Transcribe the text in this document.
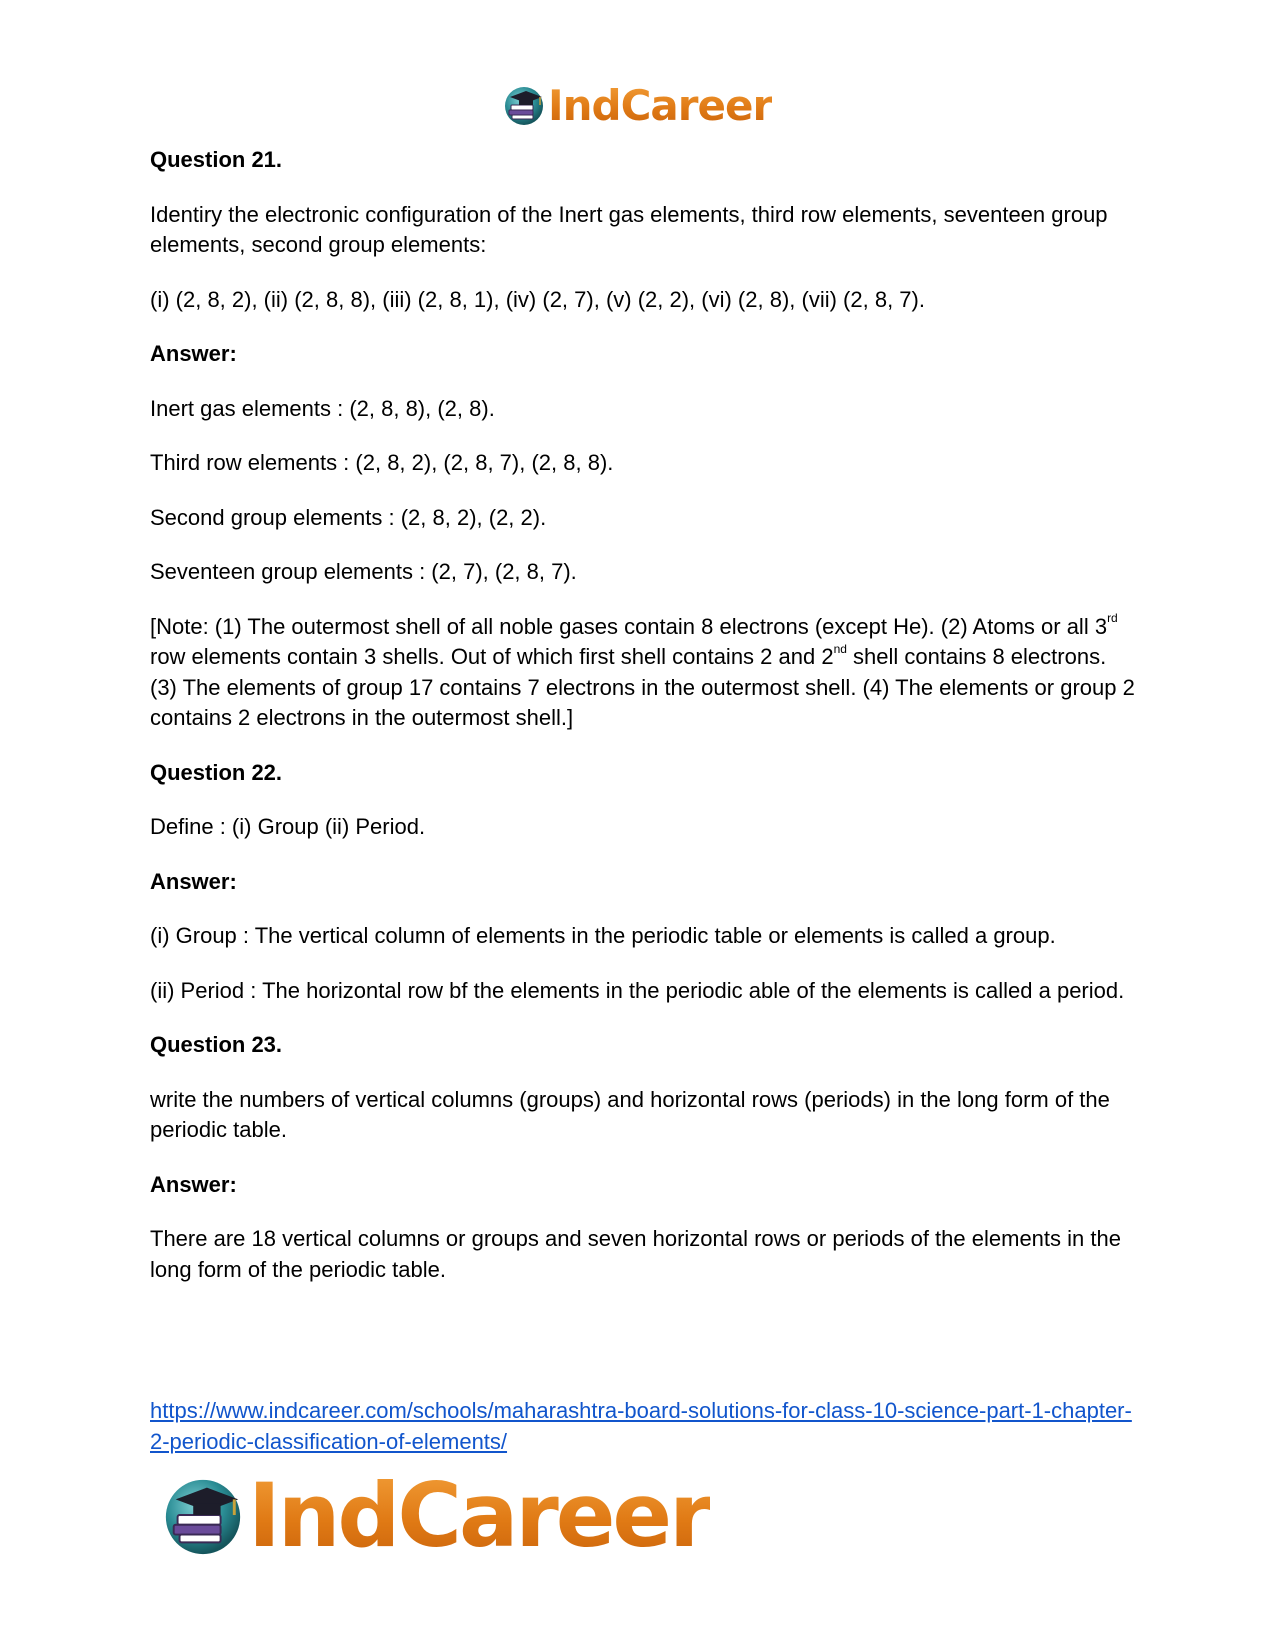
IndCareer

Question 21.

Identiry the electronic configuration of the Inert gas elements, third row elements, seventeen group elements, second group elements:

(i) (2, 8, 2), (ii) (2, 8, 8), (iii) (2, 8, 1), (iv) (2, 7), (v) (2, 2), (vi) (2, 8), (vii) (2, 8, 7).

Answer:

Inert gas elements : (2, 8, 8), (2, 8).

Third row elements : (2, 8, 2), (2, 8, 7), (2, 8, 8).

Second group elements : (2, 8, 2), (2, 2).

Seventeen group elements : (2, 7), (2, 8, 7).

[Note: (1) The outermost shell of all noble gases contain 8 electrons (except He). (2) Atoms or all 3rd row elements contain 3 shells. Out of which first shell contains 2 and 2nd shell contains 8 electrons. (3) The elements of group 17 contains 7 electrons in the outermost shell. (4) The elements or group 2 contains 2 electrons in the outermost shell.]

Question 22.

Define : (i) Group (ii) Period.

Answer:

(i) Group : The vertical column of elements in the periodic table or elements is called a group.

(ii) Period : The horizontal row bf the elements in the periodic able of the elements is called a period.

Question 23.

write the numbers of vertical columns (groups) and horizontal rows (periods) in the long form of the periodic table.

Answer:

There are 18 vertical columns or groups and seven horizontal rows or periods of the elements in the long form of the periodic table.

https://www.indcareer.com/schools/maharashtra-board-solutions-for-class-10-science-part-1-chapter-2-periodic-classification-of-elements/
IndCareer
